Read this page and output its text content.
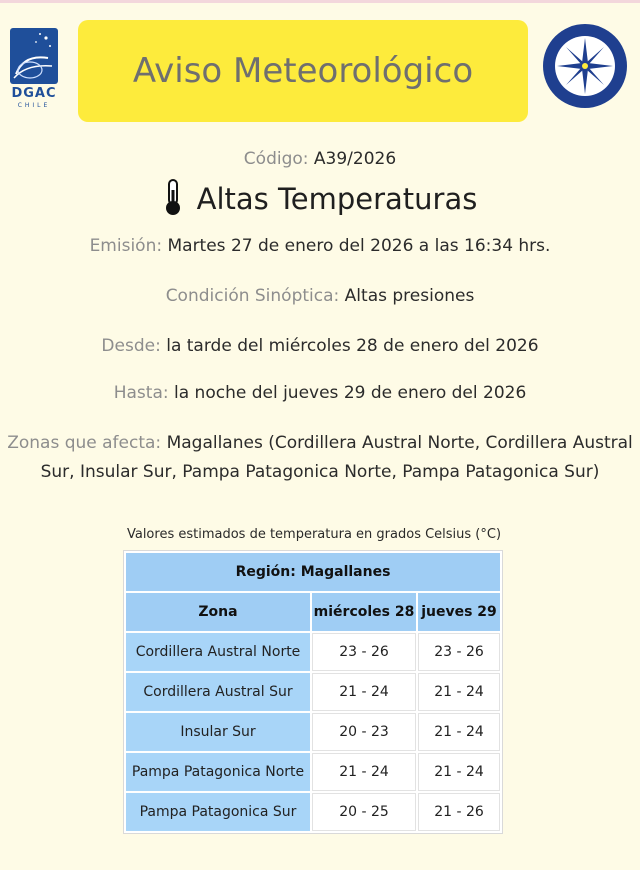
DGAC
CHILE
Aviso Meteorológico
Código: A39/2026
Altas Temperaturas
Emisión: Martes 27 de enero del 2026 a las 16:34 hrs.
Condición Sinóptica: Altas presiones
Desde: la tarde del miércoles 28 de enero del 2026
Hasta: la noche del jueves 29 de enero del 2026
Zonas que afecta: Magallanes (Cordillera Austral Norte, Cordillera Austral
Sur, Insular Sur, Pampa Patagonica Norte, Pampa Patagonica Sur)
Valores estimados de temperatura en grados Celsius (°C)
Región: Magallanes		
Zona	miércoles 28	jueves 29
Cordillera Austral Norte	23 - 26	23 - 26
Cordillera Austral Sur	21 - 24	21 - 24
Insular Sur	20 - 23	21 - 24
Pampa Patagonica Norte	21 - 24	21 - 24
Pampa Patagonica Sur	20 - 25	21 - 26
